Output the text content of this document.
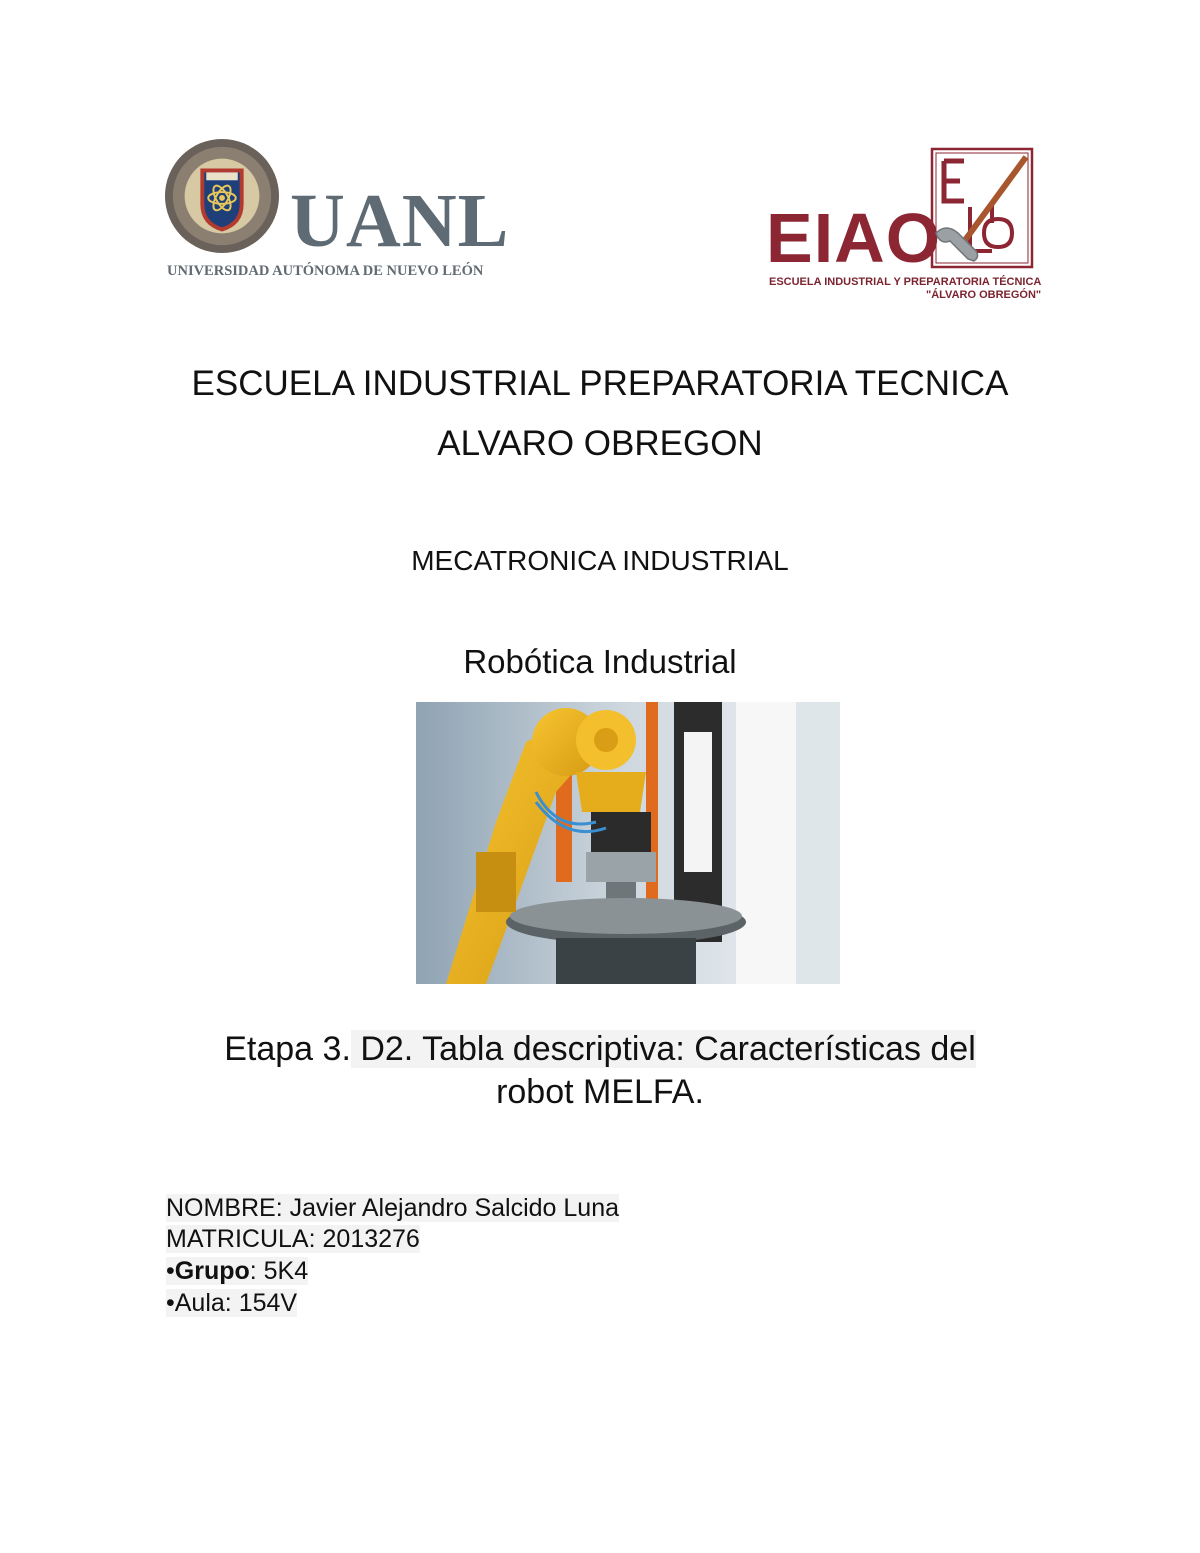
UANL
UNIVERSIDAD AUTÓNOMA DE NUEVO LEÓN	EIAO
ESCUELA INDUSTRIAL Y PREPARATORIA TÉCNICA
"ÁLVARO OBREGÓN"
ESCUELA INDUSTRIAL PREPARATORIA TECNICA
ALVARO OBREGON
MECATRONICA INDUSTRIAL
Robótica Industrial
Etapa 3. D2. Tabla descriptiva: Características del
robot MELFA.
NOMBRE: Javier Alejandro Salcido Luna
MATRICULA: 2013276
•Grupo: 5K4
•Aula: 154V
